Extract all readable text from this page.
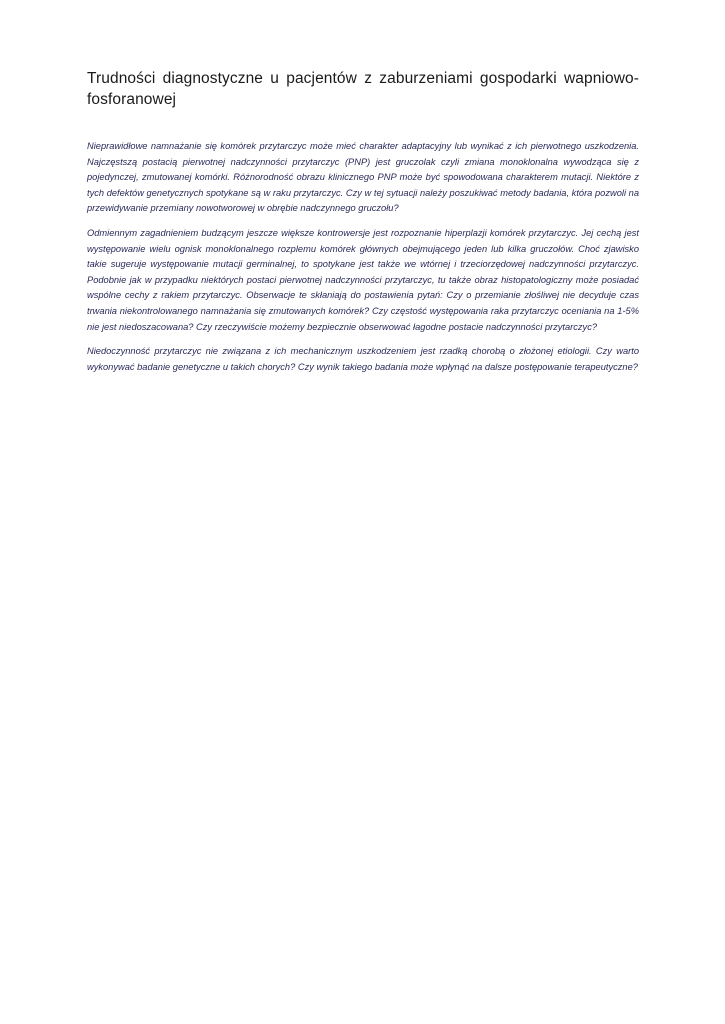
Trudności diagnostyczne u pacjentów z zaburzeniami gospodarki wapniowo-fosforanowej

Nieprawidłowe namnażanie się komórek przytarczyc może mieć charakter adaptacyjny lub wynikać z ich pierwotnego uszkodzenia. Najczęstszą postacią pierwotnej nadczynności przytarczyc (PNP) jest gruczolak czyli zmiana monoklonalna wywodząca się z pojedynczej, zmutowanej komórki. Różnorodność obrazu klinicznego PNP może być spowodowana charakterem mutacji. Niektóre z tych defektów genetycznych spotykane są w raku przytarczyc. Czy w tej sytuacji należy poszukiwać metody badania, która pozwoli na przewidywanie przemiany nowotworowej w obrębie nadczynnego gruczołu?

Odmiennym zagadnieniem budzącym jeszcze większe kontrowersje jest rozpoznanie hiperplazji komórek przytarczyc. Jej cechą jest występowanie wielu ognisk monoklonalnego rozplemu komórek głównych obejmującego jeden lub kilka gruczołów. Choć zjawisko takie sugeruje występowanie mutacji germinalnej, to spotykane jest także we wtórnej i trzeciorzędowej nadczynności przytarczyc. Podobnie jak w przypadku niektórych postaci pierwotnej nadczynności przytarczyc, tu także obraz histopatologiczny może posiadać wspólne cechy z rakiem przytarczyc. Obserwacje te skłaniają do postawienia pytań: Czy o przemianie złośliwej nie decyduje czas trwania niekontrolowanego namnażania się zmutowanych komórek? Czy częstość występowania raka przytarczyc oceniania na 1-5% nie jest niedoszacowana? Czy rzeczywiście możemy bezpiecznie obserwować łagodne postacie nadczynności przytarczyc?

Niedoczynność przytarczyc nie związana z ich mechanicznym uszkodzeniem jest rzadką chorobą o złożonej etiologii. Czy warto wykonywać badanie genetyczne u takich chorych? Czy wynik takiego badania może wpłynąć na dalsze postępowanie terapeutyczne?
